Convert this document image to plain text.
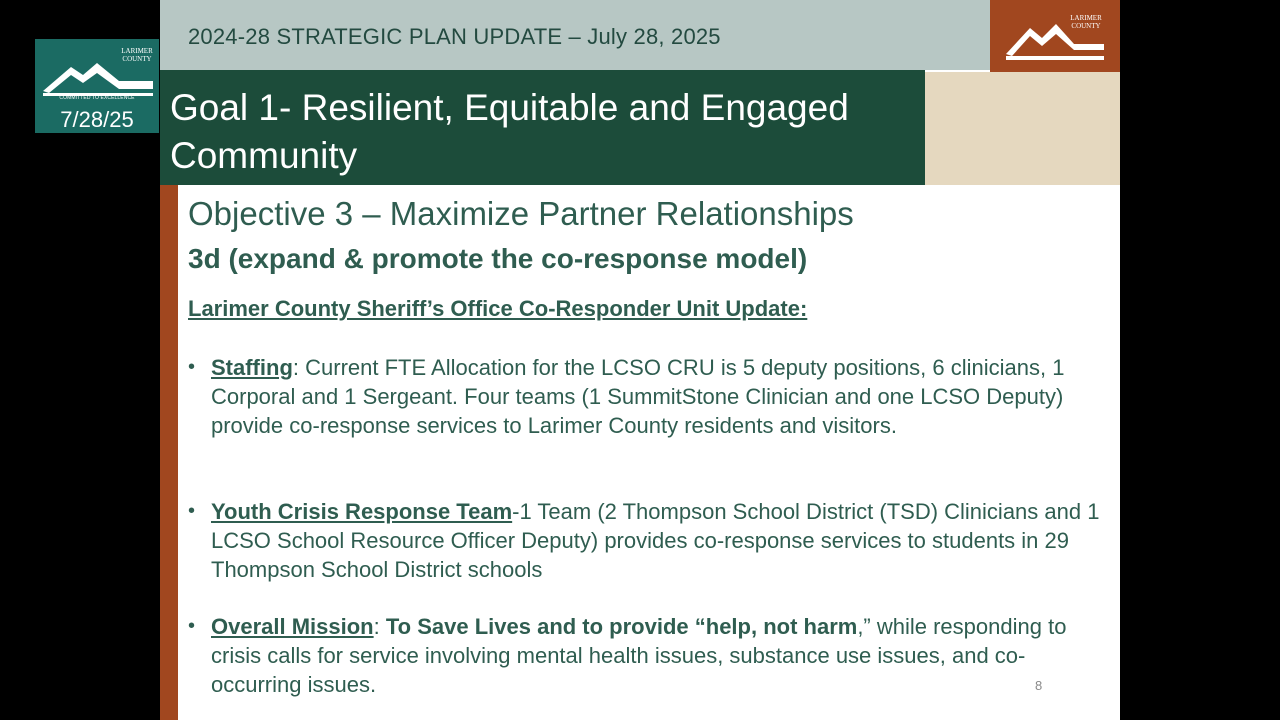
LARIMER COUNTY
COMMITTED TO EXCELLENCE
7/28/25
2024-28 STRATEGIC PLAN UPDATE – July 28, 2025
LARIMER COUNTY
Goal 1- Resilient, Equitable and Engaged Community
Objective 3 – Maximize Partner Relationships
3d (expand & promote the co-response model)
Larimer County Sheriff’s Office Co-Responder Unit Update:
• Staffing: Current FTE Allocation for the LCSO CRU is 5 deputy positions, 6 clinicians, 1 Corporal and 1 Sergeant. Four teams (1 SummitStone Clinician and one LCSO Deputy) provide co-response services to Larimer County residents and visitors.
• Youth Crisis Response Team-1 Team (2 Thompson School District (TSD) Clinicians and 1 LCSO School Resource Officer Deputy) provides co-response services to students in 29 Thompson School District schools
• Overall Mission: To Save Lives and to provide “help, not harm,” while responding to crisis calls for service involving mental health issues, substance use issues, and co-occurring issues.	8
